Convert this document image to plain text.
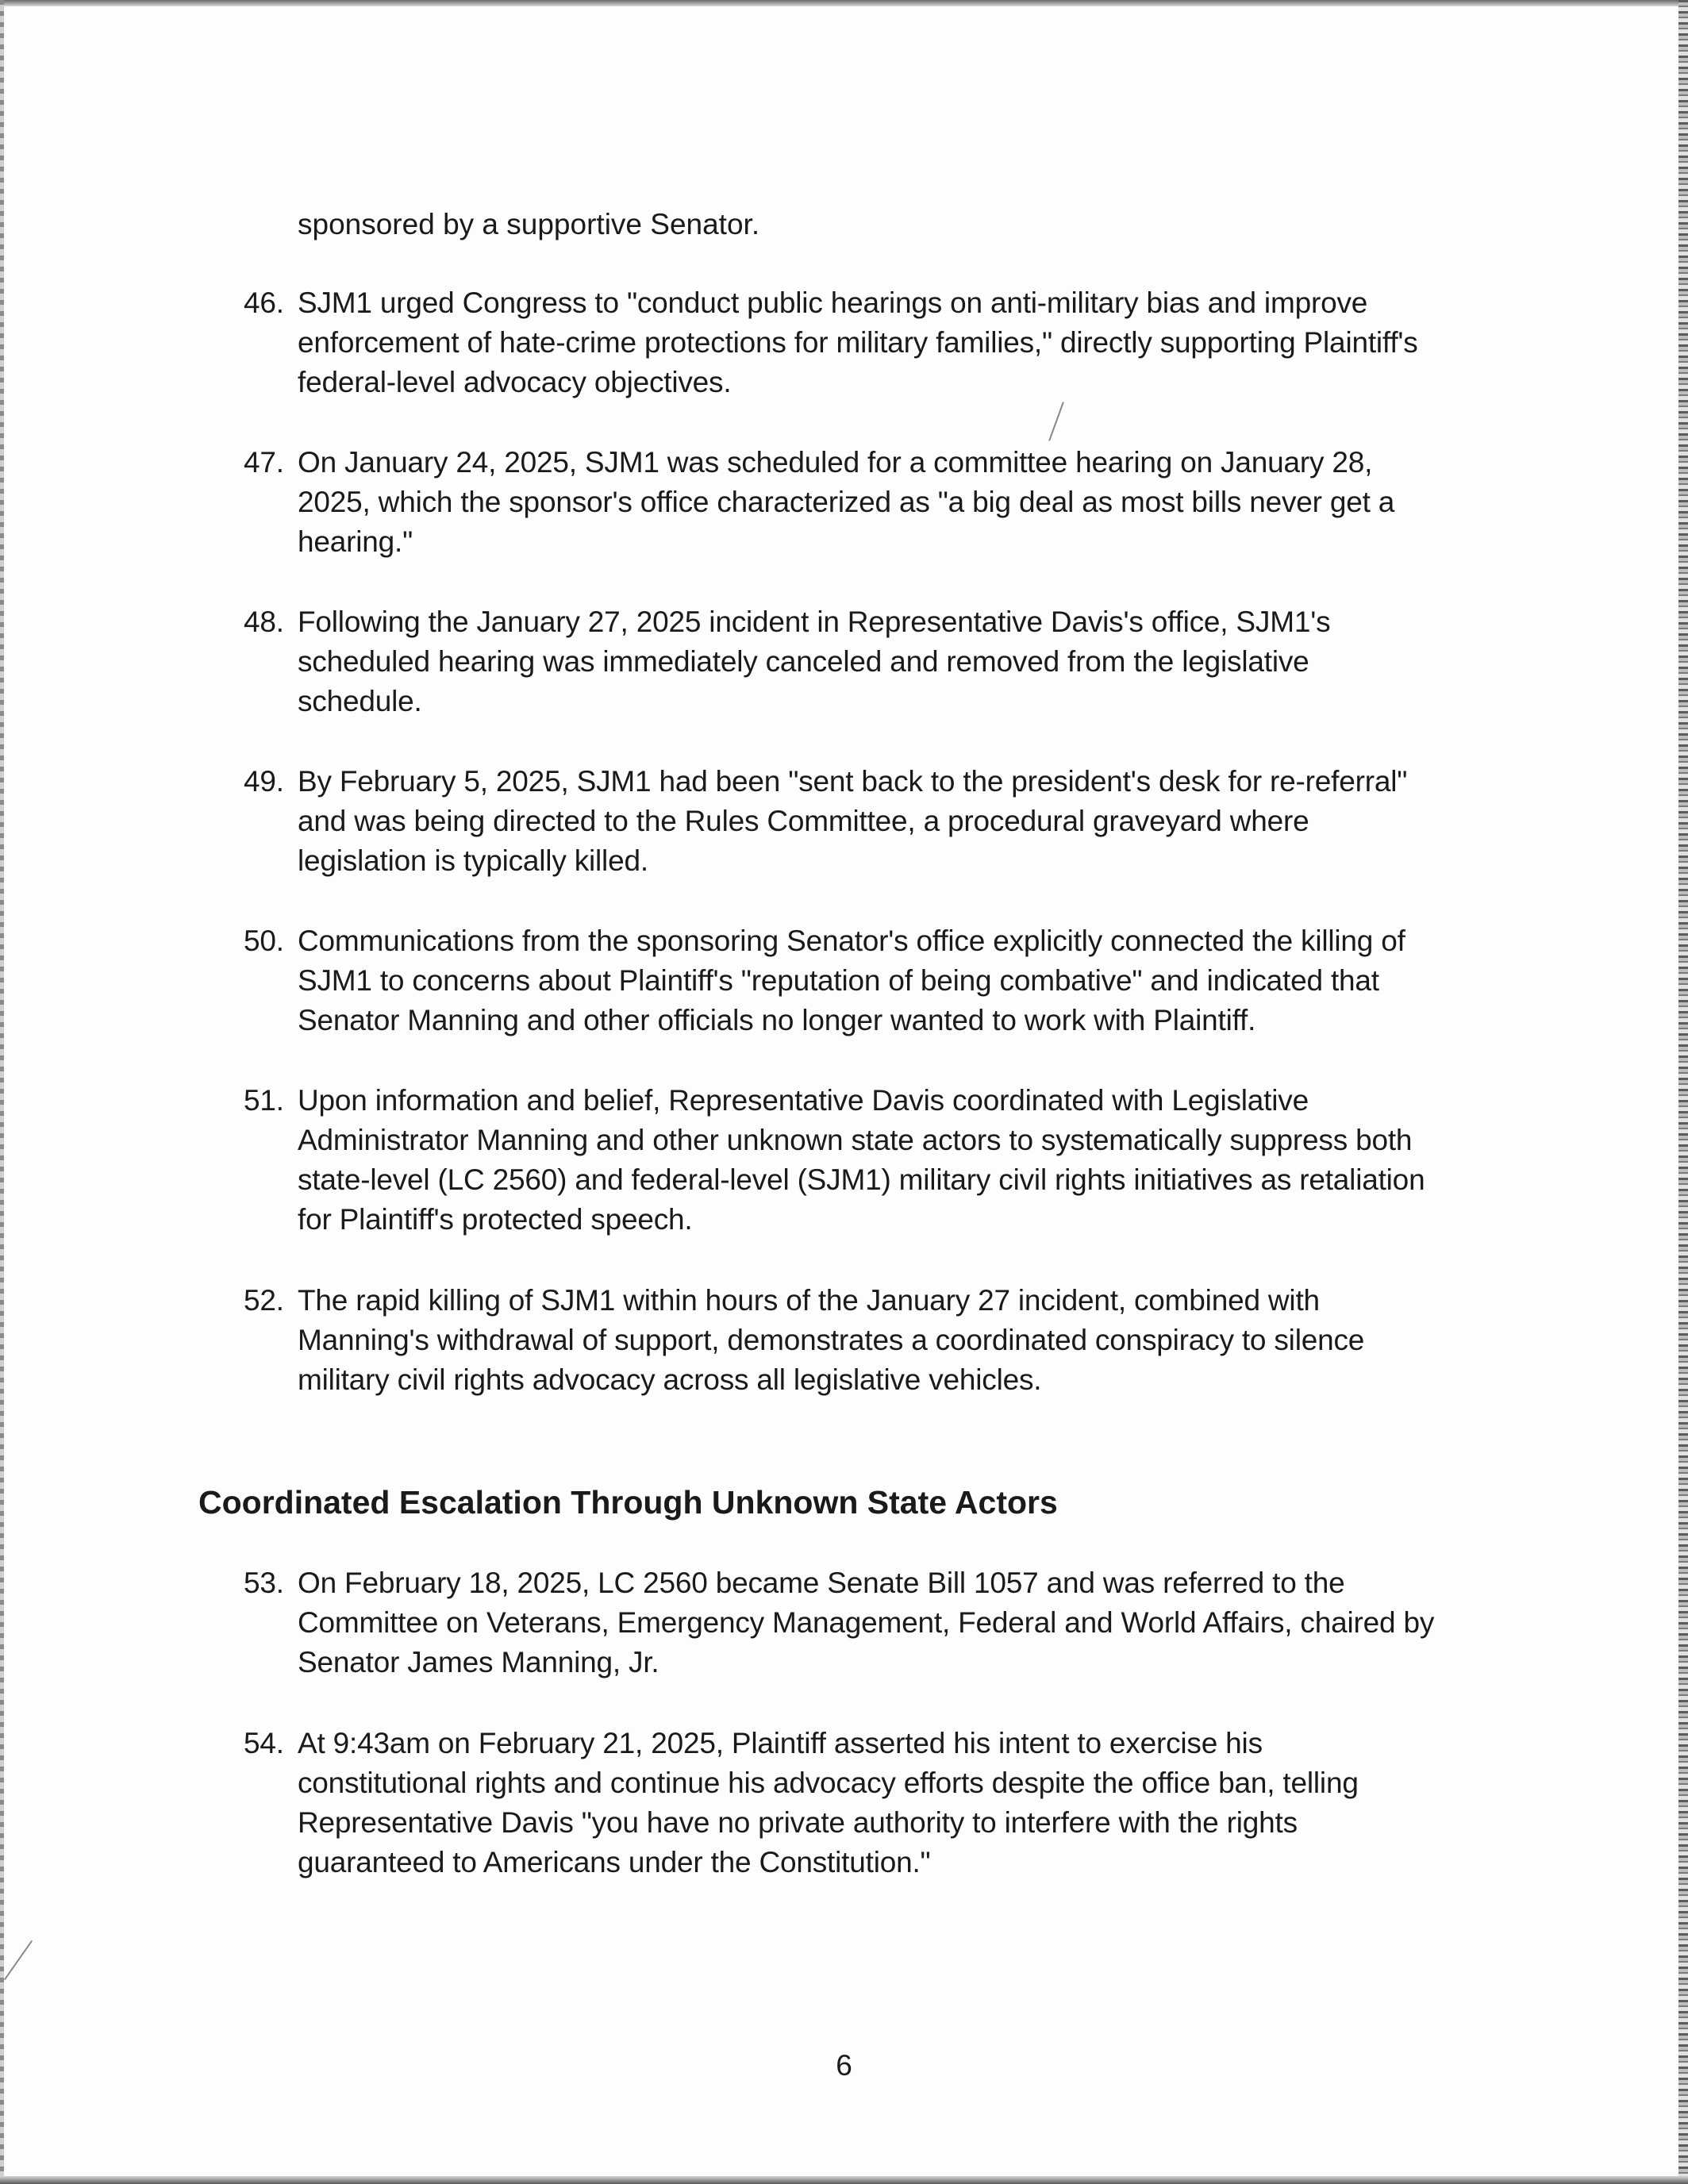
sponsored by a supportive Senator.
46. SJM1 urged Congress to "conduct public hearings on anti-military bias and improve
enforcement of hate-crime protections for military families," directly supporting Plaintiff's
federal-level advocacy objectives.
47. On January 24, 2025, SJM1 was scheduled for a committee hearing on January 28,
2025, which the sponsor's office characterized as "a big deal as most bills never get a
hearing."
48. Following the January 27, 2025 incident in Representative Davis's office, SJM1's
scheduled hearing was immediately canceled and removed from the legislative
schedule.
49. By February 5, 2025, SJM1 had been "sent back to the president's desk for re-referral"
and was being directed to the Rules Committee, a procedural graveyard where
legislation is typically killed.
50. Communications from the sponsoring Senator's office explicitly connected the killing of
SJM1 to concerns about Plaintiff's "reputation of being combative" and indicated that
Senator Manning and other officials no longer wanted to work with Plaintiff.
51. Upon information and belief, Representative Davis coordinated with Legislative
Administrator Manning and other unknown state actors to systematically suppress both
state-level (LC 2560) and federal-level (SJM1) military civil rights initiatives as retaliation
for Plaintiff's protected speech.
52. The rapid killing of SJM1 within hours of the January 27 incident, combined with
Manning's withdrawal of support, demonstrates a coordinated conspiracy to silence
military civil rights advocacy across all legislative vehicles.
Coordinated Escalation Through Unknown State Actors
53. On February 18, 2025, LC 2560 became Senate Bill 1057 and was referred to the
Committee on Veterans, Emergency Management, Federal and World Affairs, chaired by
Senator James Manning, Jr.
54. At 9:43am on February 21, 2025, Plaintiff asserted his intent to exercise his
constitutional rights and continue his advocacy efforts despite the office ban, telling
Representative Davis "you have no private authority to interfere with the rights
guaranteed to Americans under the Constitution."
6
